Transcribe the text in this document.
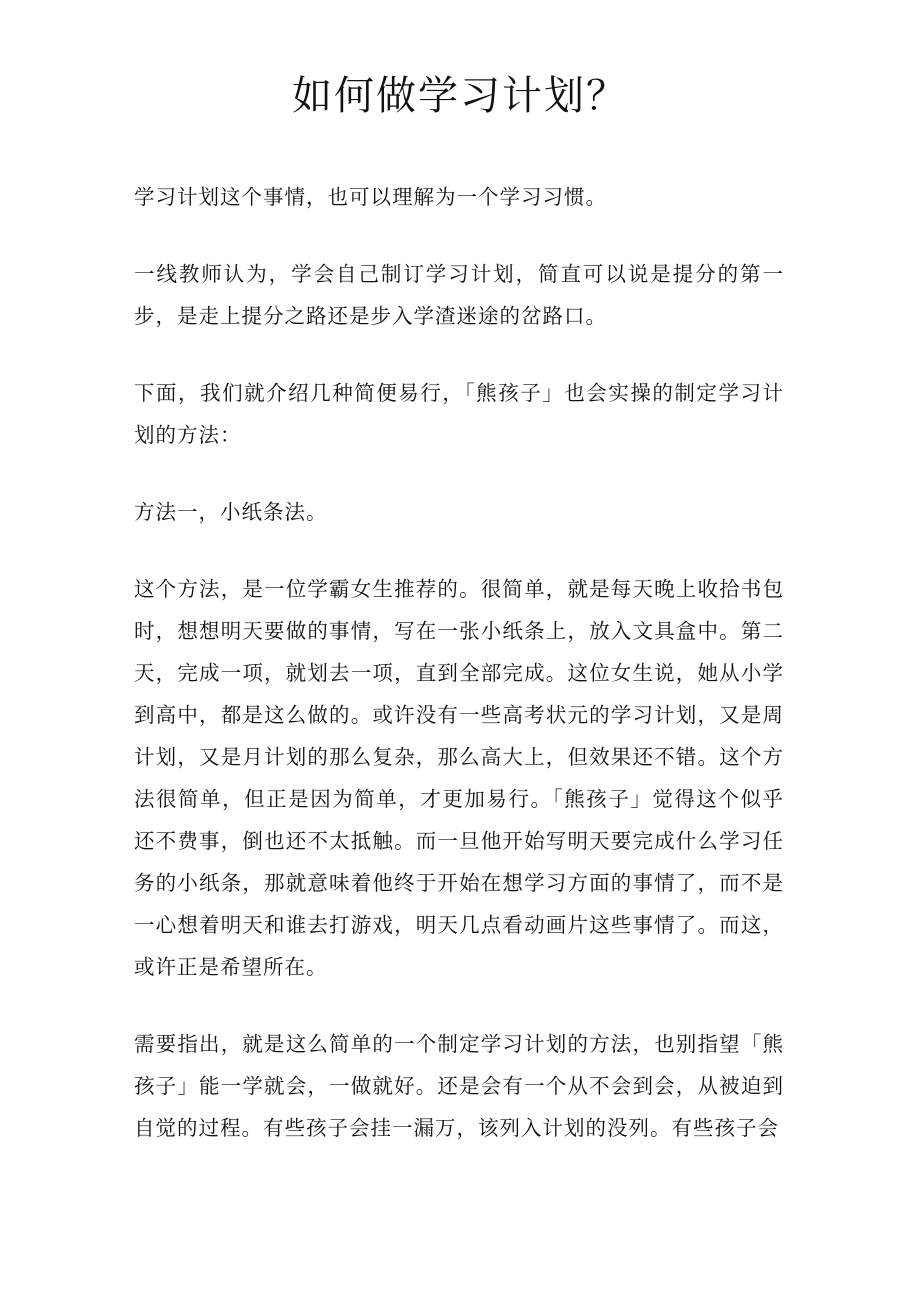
如何做学习计划？

学习计划这个事情，也可以理解为一个学习习惯。

一线教师认为，学会自己制订学习计划，简直可以说是提分的第一步，是走上提分之路还是步入学渣迷途的岔路口。

下面，我们就介绍几种简便易行，「熊孩子」也会实操的制定学习计划的方法：

方法一，小纸条法。

这个方法，是一位学霸女生推荐的。很简单，就是每天晚上收拾书包时，想想明天要做的事情，写在一张小纸条上，放入文具盒中。第二天，完成一项，就划去一项，直到全部完成。这位女生说，她从小学到高中，都是这么做的。或许没有一些高考状元的学习计划，又是周计划，又是月计划的那么复杂，那么高大上，但效果还不错。这个方法很简单，但正是因为简单，才更加易行。「熊孩子」觉得这个似乎还不费事，倒也还不太抵触。而一旦他开始写明天要完成什么学习任务的小纸条，那就意味着他终于开始在想学习方面的事情了，而不是一心想着明天和谁去打游戏，明天几点看动画片这些事情了。而这，或许正是希望所在。

需要指出，就是这么简单的一个制定学习计划的方法，也别指望「熊孩子」能一学就会，一做就好。还是会有一个从不会到会，从被迫到自觉的过程。有些孩子会挂一漏万，该列入计划的没列。有些孩子会
